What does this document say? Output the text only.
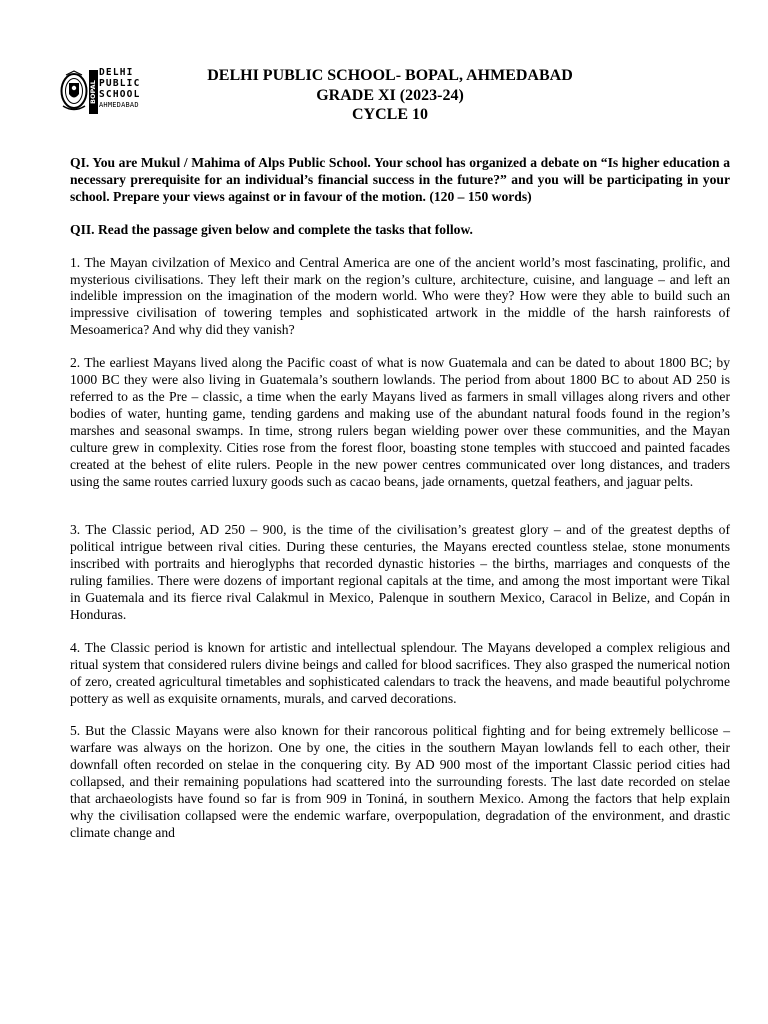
BOPAL
DELHI
PUBLIC
SCHOOL
AHMEDABAD
DELHI PUBLIC SCHOOL- BOPAL, AHMEDABAD
GRADE XI (2023-24)
CYCLE 10

QI. You are Mukul / Mahima of Alps Public School. Your school has organized a debate on “Is higher education a necessary prerequisite for an individual’s financial success in the future?” and you will be participating in your school. Prepare your views against or in favour of the motion. (120 – 150 words)

QII. Read the passage given below and complete the tasks that follow.

1. The Mayan civilzation of Mexico and Central America are one of the ancient world’s most fascinating, prolific, and mysterious civilisations. They left their mark on the region’s culture, architecture, cuisine, and language – and left an indelible impression on the imagination of the modern world. Who were they? How were they able to build such an impressive civilisation of towering temples and sophisticated artwork in the middle of the harsh rainforests of Mesoamerica? And why did they vanish?

2. The earliest Mayans lived along the Pacific coast of what is now Guatemala and can be dated to about 1800 BC; by 1000 BC they were also living in Guatemala’s southern lowlands. The period from about 1800 BC to about AD 250 is referred to as the Pre – classic, a time when the early Mayans lived as farmers in small villages along rivers and other bodies of water, hunting game, tending gardens and making use of the abundant natural foods found in the region’s marshes and seasonal swamps. In time, strong rulers began wielding power over these communities, and the Mayan culture grew in complexity. Cities rose from the forest floor, boasting stone temples with stuccoed and painted facades created at the behest of elite rulers. People in the new power centres communicated over long distances, and traders using the same routes carried luxury goods such as cacao beans, jade ornaments, quetzal feathers, and jaguar pelts.

3. The Classic period, AD 250 – 900, is the time of the civilisation’s greatest glory – and of the greatest depths of political intrigue between rival cities. During these centuries, the Mayans erected countless stelae, stone monuments inscribed with portraits and hieroglyphs that recorded dynastic histories – the births, marriages and conquests of the ruling families. There were dozens of important regional capitals at the time, and among the most important were Tikal in Guatemala and its fierce rival Calakmul in Mexico, Palenque in southern Mexico, Caracol in Belize, and Copán in Honduras.

4. The Classic period is known for artistic and intellectual splendour. The Mayans developed a complex religious and ritual system that considered rulers divine beings and called for blood sacrifices. They also grasped the numerical notion of zero, created agricultural timetables and sophisticated calendars to track the heavens, and made beautiful polychrome pottery as well as exquisite ornaments, murals, and carved decorations.

5. But the Classic Mayans were also known for their rancorous political fighting and for being extremely bellicose – warfare was always on the horizon. One by one, the cities in the southern Mayan lowlands fell to each other, their downfall often recorded on stelae in the conquering city. By AD 900 most of the important Classic period cities had collapsed, and their remaining populations had scattered into the surrounding forests. The last date recorded on stelae that archaeologists have found so far is from 909 in Toniná, in southern Mexico. Among the factors that help explain why the civilisation collapsed were the endemic warfare, overpopulation, degradation of the environment, and drastic climate change and
